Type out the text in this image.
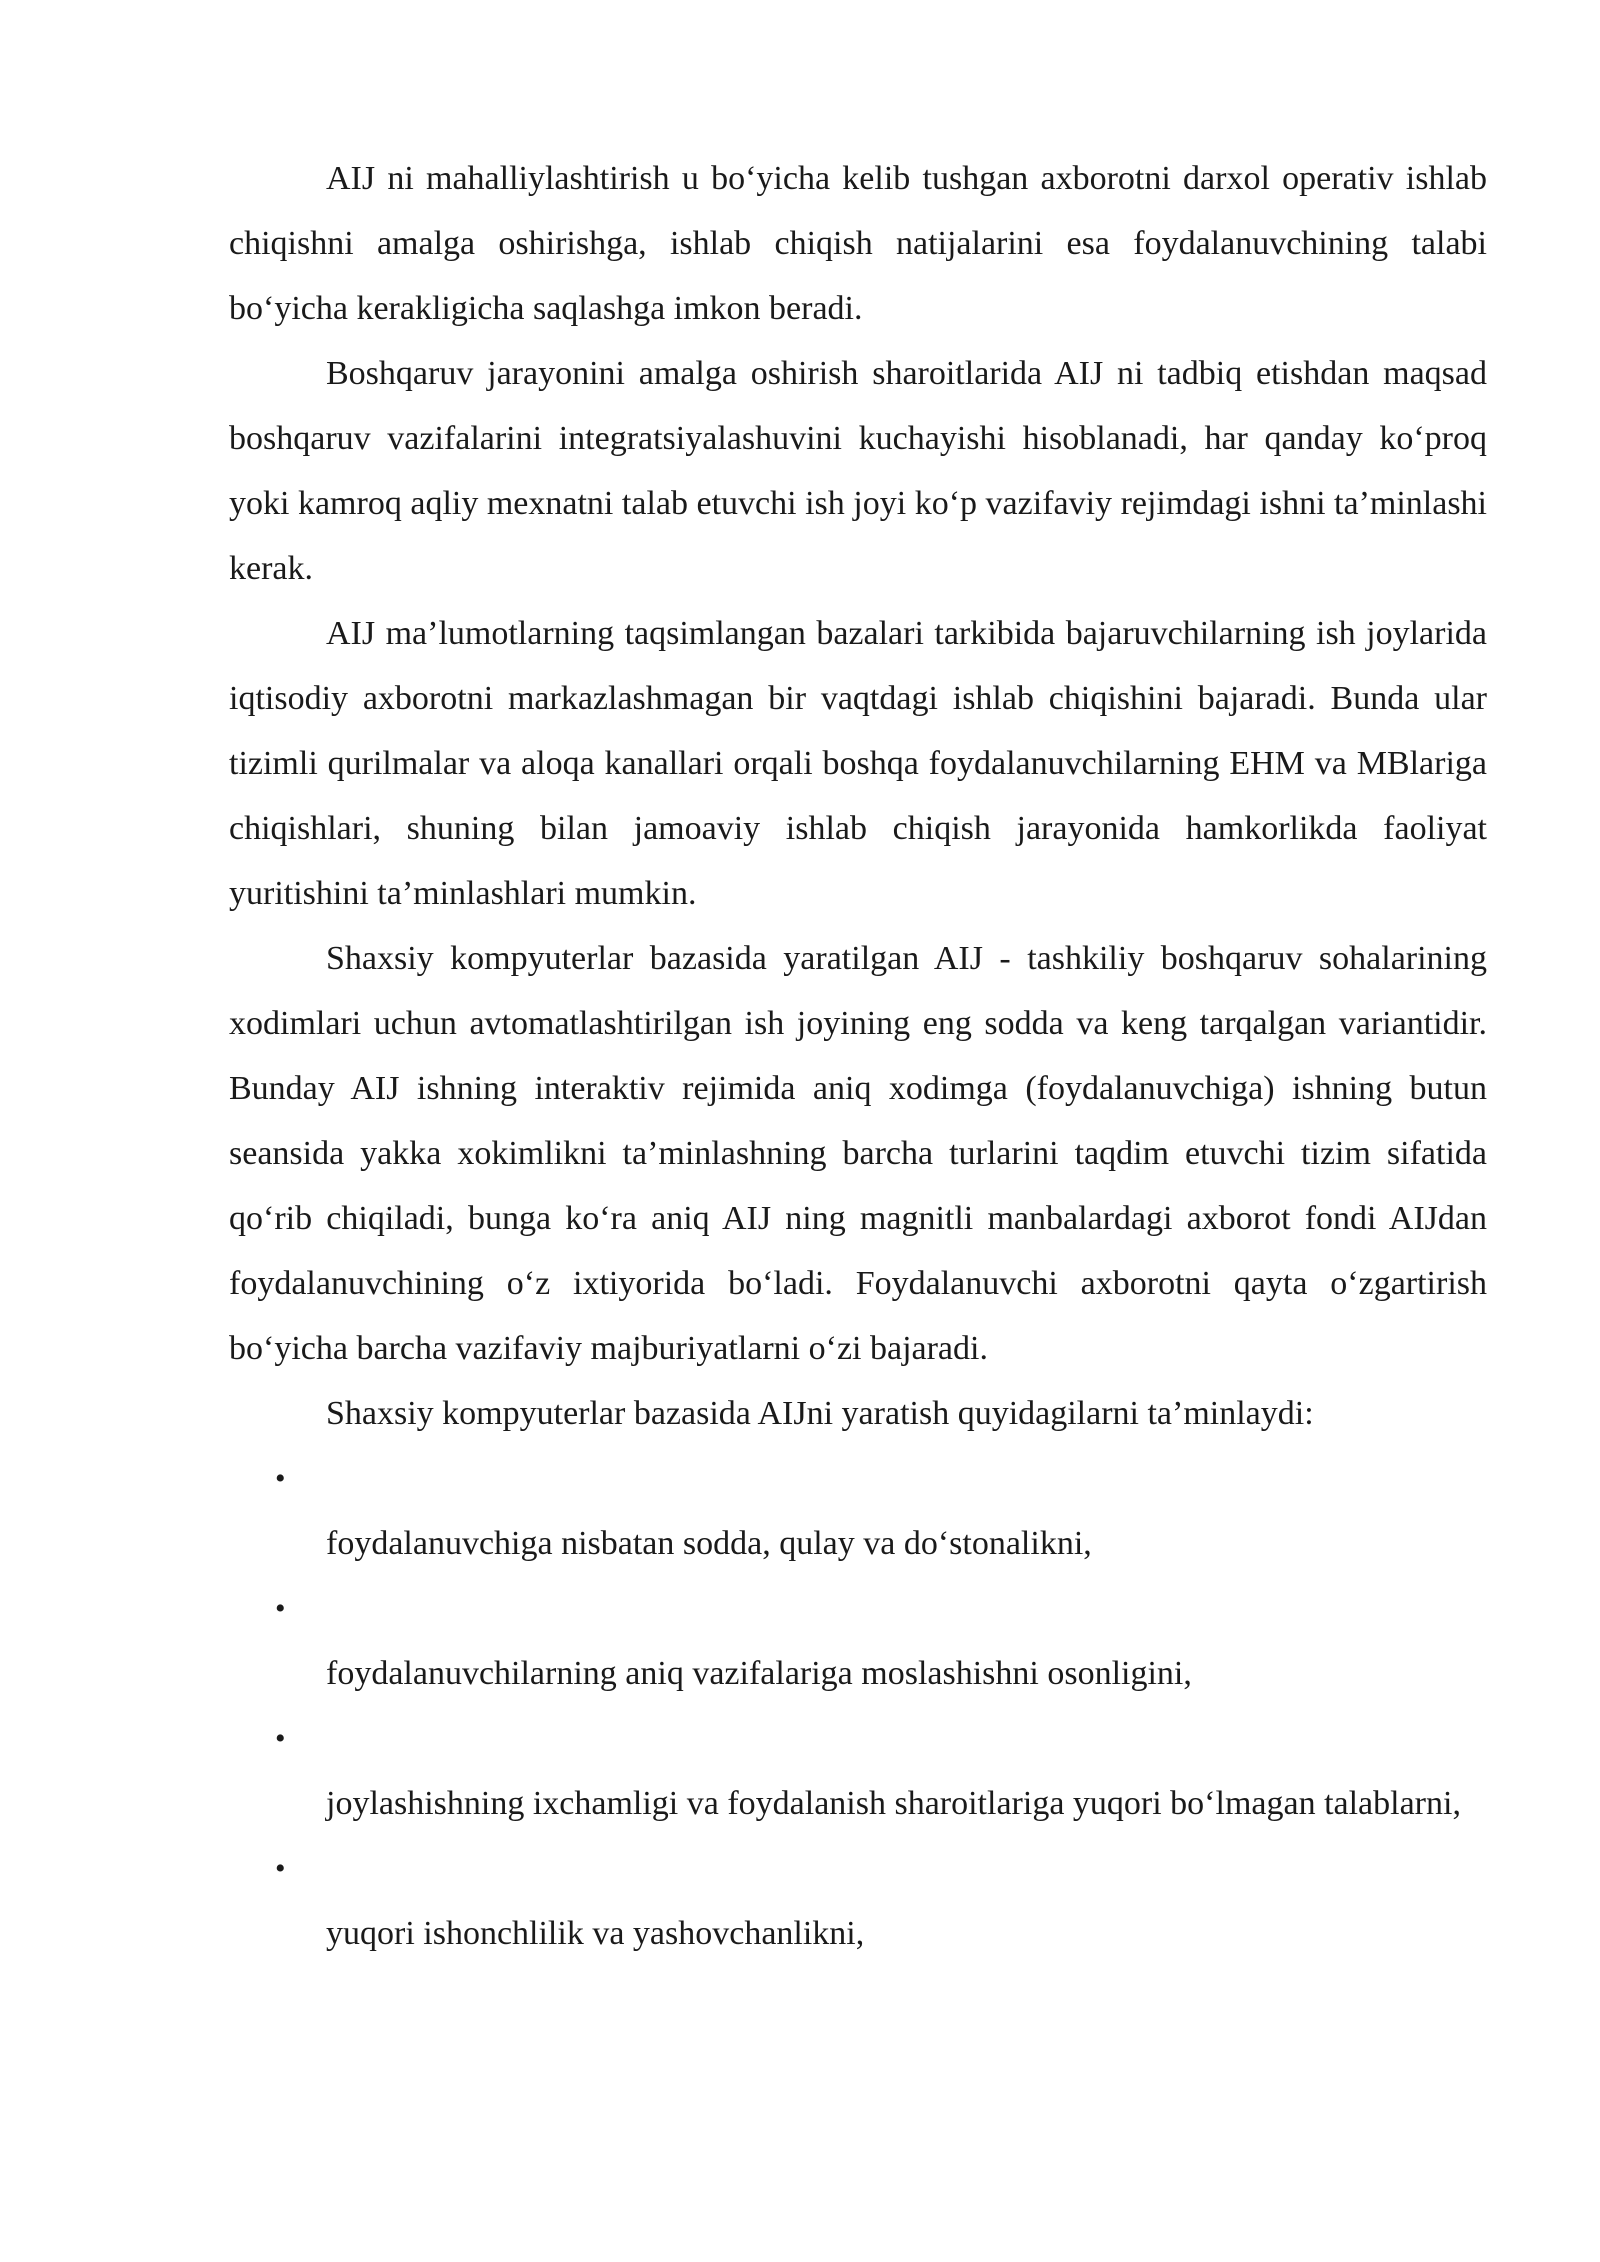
AIJ ni mahalliylashtirish u bo‘yicha kelib tushgan axborotni darxol operativ ishlab chiqishni amalga oshirishga, ishlab chiqish natijalarini esa foydalanuvchining talabi bo‘yicha kerakligicha saqlashga imkon beradi.

Boshqaruv jarayonini amalga oshirish sharoitlarida AIJ ni tadbiq etishdan maqsad boshqaruv vazifalarini integratsiyalashuvini kuchayishi hisoblanadi, har qanday ko‘proq yoki kamroq aqliy mexnatni talab etuvchi ish joyi ko‘p vazifaviy rejimdagi ishni ta’minlashi kerak.

AIJ ma’lumotlarning taqsimlangan bazalari tarkibida bajaruvchilarning ish joylarida iqtisodiy axborotni markazlashmagan bir vaqtdagi ishlab chiqishini bajaradi. Bunda ular tizimli qurilmalar va aloqa kanallari orqali boshqa foydalanuvchilarning EHM va MBlariga chiqishlari, shuning bilan jamoaviy ishlab chiqish jarayonida hamkorlikda faoliyat yuritishini ta’minlashlari mumkin.

Shaxsiy kompyuterlar bazasida yaratilgan AIJ - tashkiliy boshqaruv sohalarining xodimlari uchun avtomatlashtirilgan ish joyining eng sodda va keng tarqalgan variantidir. Bunday AIJ ishning interaktiv rejimida aniq xodimga (foydalanuvchiga) ishning butun seansida yakka xokimlikni ta’minlashning barcha turlarini taqdim etuvchi tizim sifatida qo‘rib chiqiladi, bunga ko‘ra aniq AIJ ning magnitli manbalardagi axborot fondi AIJdan foydalanuvchining o‘z ixtiyorida bo‘ladi. Foydalanuvchi axborotni qayta o‘zgartirish bo‘yicha barcha vazifaviy majburiyatlarni o‘zi bajaradi.

Shaxsiy kompyuterlar bazasida AIJni yaratish quyidagilarni ta’minlaydi:

•
foydalanuvchiga nisbatan sodda, qulay va do‘stonalikni,
•
foydalanuvchilarning aniq vazifalariga moslashishni osonligini,
•
joylashishning ixchamligi va foydalanish sharoitlariga yuqori bo‘lmagan talablarni,
•
yuqori ishonchlilik va yashovchanlikni,
